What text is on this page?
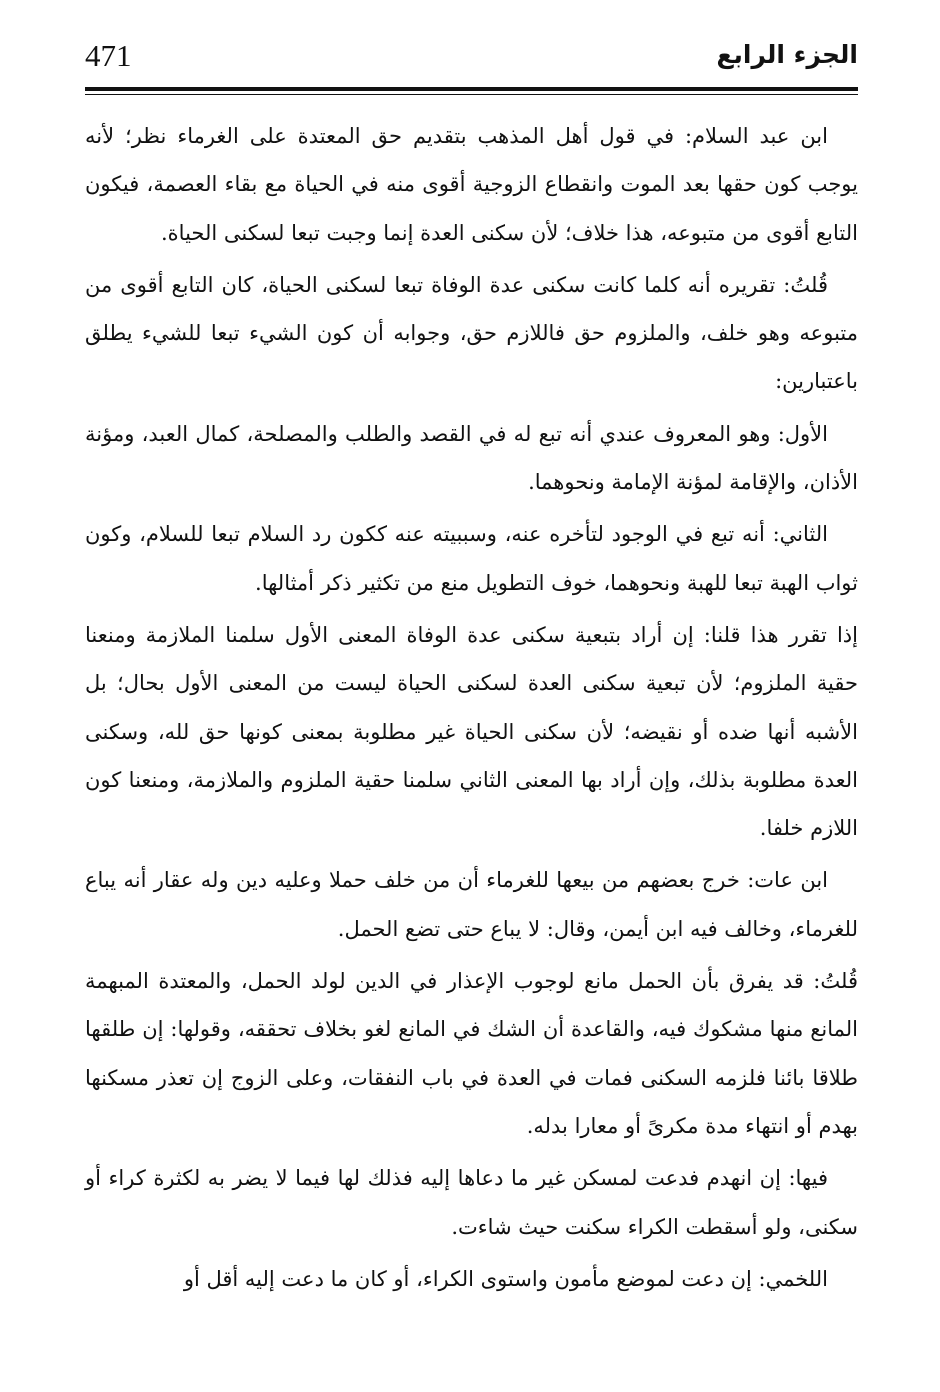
471	الجزء الرابع

ابن عبد السلام: في قول أهل المذهب بتقديم حق المعتدة على الغرماء نظر؛ لأنه يوجب كون حقها بعد الموت وانقطاع الزوجية أقوى منه في الحياة مع بقاء العصمة، فيكون التابع أقوى من متبوعه، هذا خلاف؛ لأن سكنى العدة إنما وجبت تبعا لسكنى الحياة.

قُلتُ: تقريره أنه كلما كانت سكنى عدة الوفاة تبعا لسكنى الحياة، كان التابع أقوى من متبوعه وهو خلف، والملزوم حق فاللازم حق، وجوابه أن كون الشيء تبعا للشيء يطلق باعتبارين:

الأول: وهو المعروف عندي أنه تبع له في القصد والطلب والمصلحة، كمال العبد، ومؤنة الأذان، والإقامة لمؤنة الإمامة ونحوهما.

الثاني: أنه تبع في الوجود لتأخره عنه، وسببيته عنه ككون رد السلام تبعا للسلام، وكون ثواب الهبة تبعا للهبة ونحوهما، خوف التطويل منع من تكثير ذكر أمثالها.

إذا تقرر هذا قلنا: إن أراد بتبعية سكنى عدة الوفاة المعنى الأول سلمنا الملازمة ومنعنا حقية الملزوم؛ لأن تبعية سكنى العدة لسكنى الحياة ليست من المعنى الأول بحال؛ بل الأشبه أنها ضده أو نقيضه؛ لأن سكنى الحياة غير مطلوبة بمعنى كونها حق لله، وسكنى العدة مطلوبة بذلك، وإن أراد بها المعنى الثاني سلمنا حقية الملزوم والملازمة، ومنعنا كون اللازم خلفا.

ابن عات: خرج بعضهم من بيعها للغرماء أن من خلف حملا وعليه دين وله عقار أنه يباع للغرماء، وخالف فيه ابن أيمن، وقال: لا يباع حتى تضع الحمل.

قُلتُ: قد يفرق بأن الحمل مانع لوجوب الإعذار في الدين لولد الحمل، والمعتدة المبهمة المانع منها مشكوك فيه، والقاعدة أن الشك في المانع لغو بخلاف تحققه، وقولها: إن طلقها طلاقا بائنا فلزمه السكنى فمات في العدة في باب النفقات، وعلى الزوج إن تعذر مسكنها بهدم أو انتهاء مدة مكرىً أو معارا بدله.

فيها: إن انهدم فدعت لمسكن غير ما دعاها إليه فذلك لها فيما لا يضر به لكثرة كراء أو سكنى، ولو أسقطت الكراء سكنت حيث شاءت.

اللخمي: إن دعت لموضع مأمون واستوى الكراء، أو كان ما دعت إليه أقل أو
